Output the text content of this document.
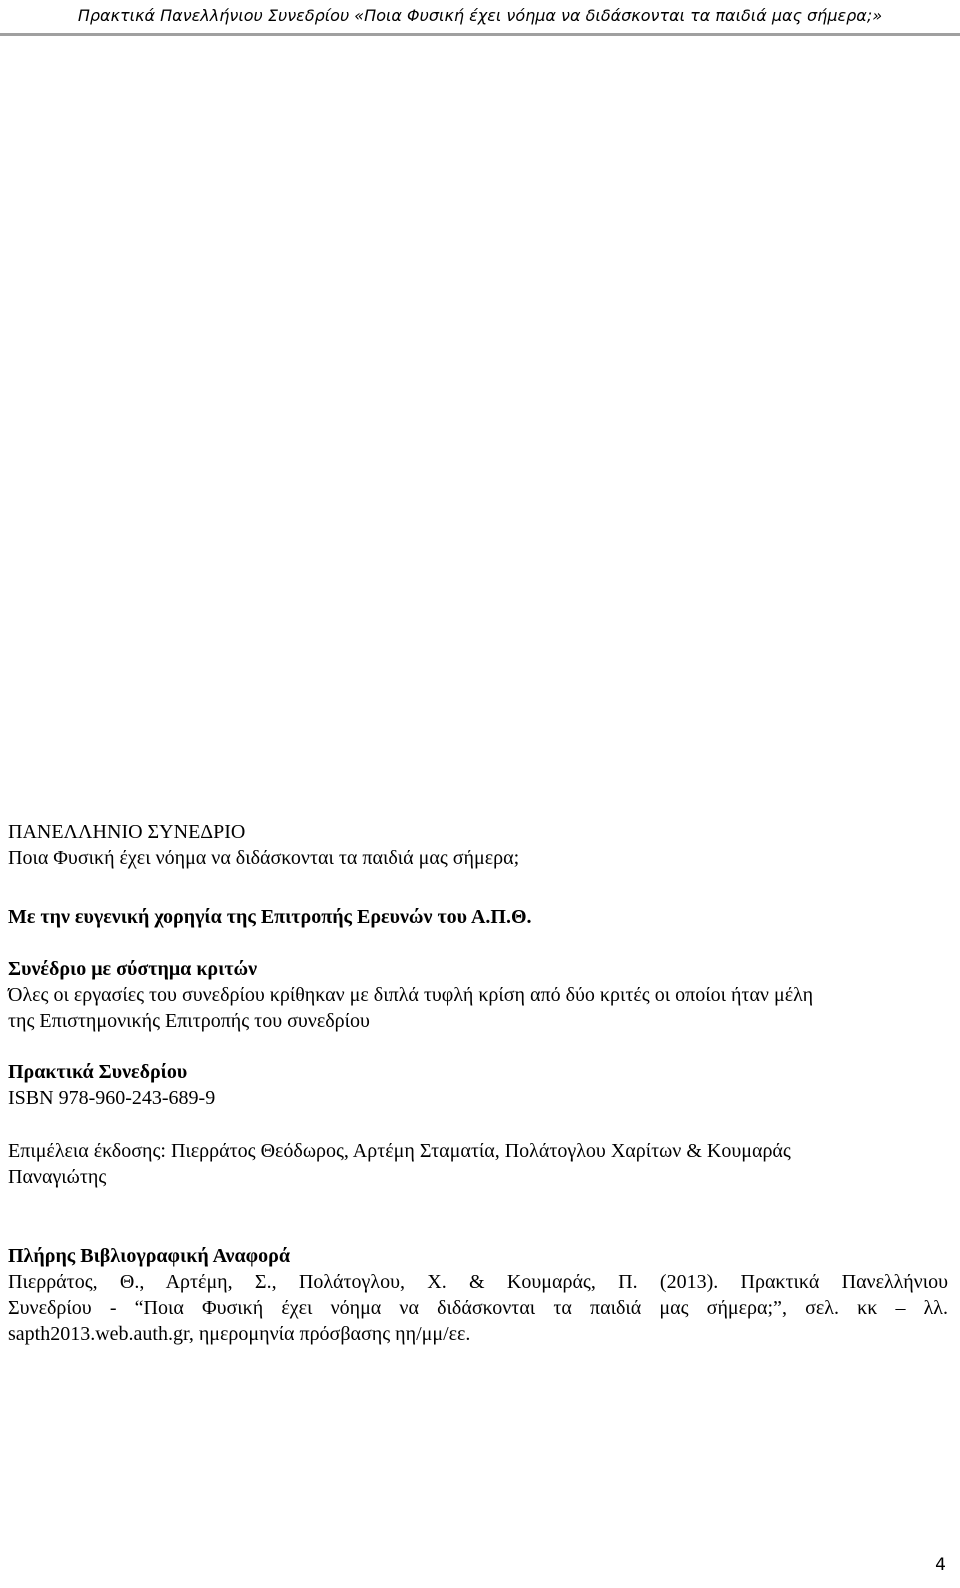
Πρακτικά Πανελλήνιου Συνεδρίου «Ποια Φυσική έχει νόημα να διδάσκονται τα παιδιά μας σήμερα;»
ΠΑΝΕΛΛΗΝΙΟ ΣΥΝΕΔΡΙΟ
Ποια Φυσική έχει νόημα να διδάσκονται τα παιδιά μας σήμερα;
Με την ευγενική χορηγία της Επιτροπής Ερευνών του Α.Π.Θ.
Συνέδριο με σύστημα κριτών
Όλες οι εργασίες του συνεδρίου κρίθηκαν με διπλά τυφλή κρίση από δύο κριτές οι οποίοι ήταν μέλη
της Επιστημονικής Επιτροπής του συνεδρίου
Πρακτικά Συνεδρίου
ISBN 978-960-243-689-9
Επιμέλεια έκδοσης: Πιερράτος Θεόδωρος, Αρτέμη Σταματία, Πολάτογλου Χαρίτων & Κουμαράς
Παναγιώτης
Πλήρης Βιβλιογραφική Αναφορά
Πιερράτος, Θ., Αρτέμη, Σ., Πολάτογλου, Χ. & Κουμαράς, Π. (2013). Πρακτικά Πανελλήνιου
Συνεδρίου - “Ποια Φυσική έχει νόημα να διδάσκονται τα παιδιά μας σήμερα;”, σελ. κκ – λλ.
sapth2013.web.auth.gr, ημερομηνία πρόσβασης ηη/μμ/εε.
4
